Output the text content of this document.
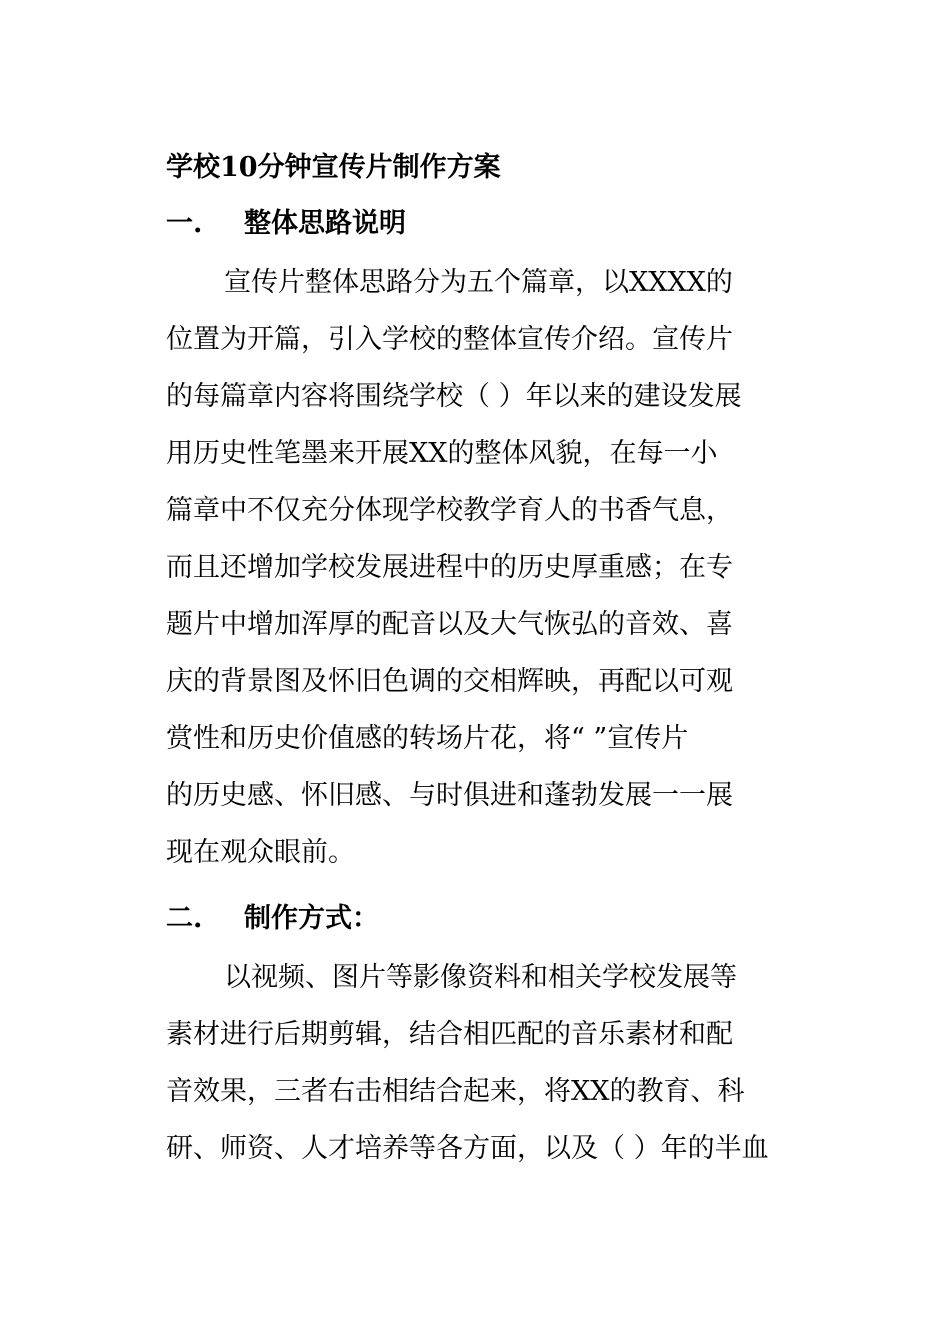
学校10分钟宣传片制作方案
一.	整体思路说明
宣传片整体思路分为五个篇章，以XXXX的
位置为开篇，引入学校的整体宣传介绍。宣传片
的每篇章内容将围绕学校（ ）年以来的建设发展
用历史性笔墨来开展XX的整体风貌，在每一小
篇章中不仅充分体现学校教学育人的书香气息，
而且还增加学校发展进程中的历史厚重感；在专
题片中增加浑厚的配音以及大气恢弘的音效、喜
庆的背景图及怀旧色调的交相辉映，再配以可观
赏性和历史价值感的转场片花，将“ ”宣传片
的历史感、怀旧感、与时俱进和蓬勃发展一一展
现在观众眼前。
二.	制作方式：
以视频、图片等影像资料和相关学校发展等
素材进行后期剪辑，结合相匹配的音乐素材和配
音效果，三者右击相结合起来，将XX的教育、科
研、师资、人才培养等各方面，以及（ ）年的半血
